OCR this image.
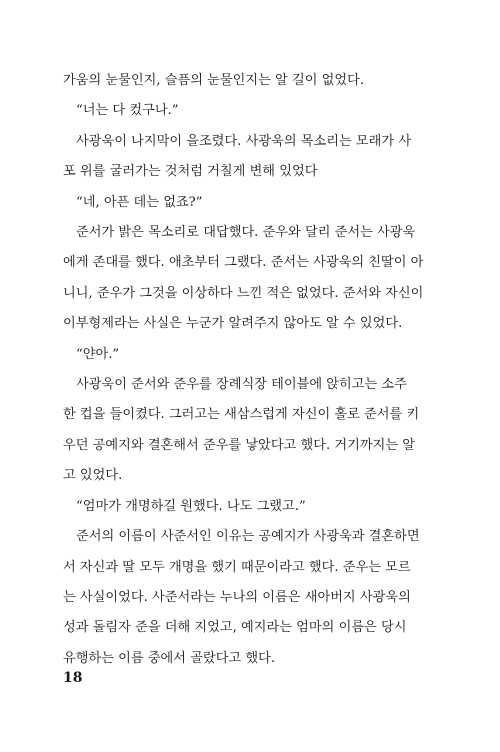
가움의 눈물인지, 슬픔의 눈물인지는 알 길이 없었다.

“너는 다 컸구나.”

사광욱이 나지막이 을조렸다. 사광욱의 목소리는 모래가 사
포 위를 굴러가는 것처럼 거칠게 변해 있었다

“네, 아픈 데는 없죠?”

준서가 밝은 목소리로 대답했다. 준우와 달리 준서는 사광욱
에게 존대를 했다. 애초부터 그랬다. 준서는 사광욱의 친딸이 아
니니, 준우가 그것을 이상하다 느낀 적은 없었다. 준서와 자신이
이부형제라는 사실은 누군가 알려주지 않아도 알 수 있었다.

“얀아.”

사광욱이 준서와 준우를 장례식장 테이블에 앉히고는 소주
한 컵을 들이켰다. 그러고는 새삼스럽게 자신이 홀로 준서를 키
우던 공예지와 결혼해서 준우를 낳았다고 했다. 거기까지는 알
고 있었다.

“엄마가 개명하길 원했다. 나도 그랬고.”

준서의 이름이 사준서인 이유는 공예지가 사광욱과 결혼하면
서 자신과 딸 모두 개명을 했기 때문이라고 했다. 준우는 모르
는 사실이었다. 사준서라는 누나의 이름은 새아버지 사광욱의
성과 돌림자 준을 더해 지었고, 예지라는 엄마의 이름은 당시
유행하는 이름 중에서 골랐다고 했다.

18
